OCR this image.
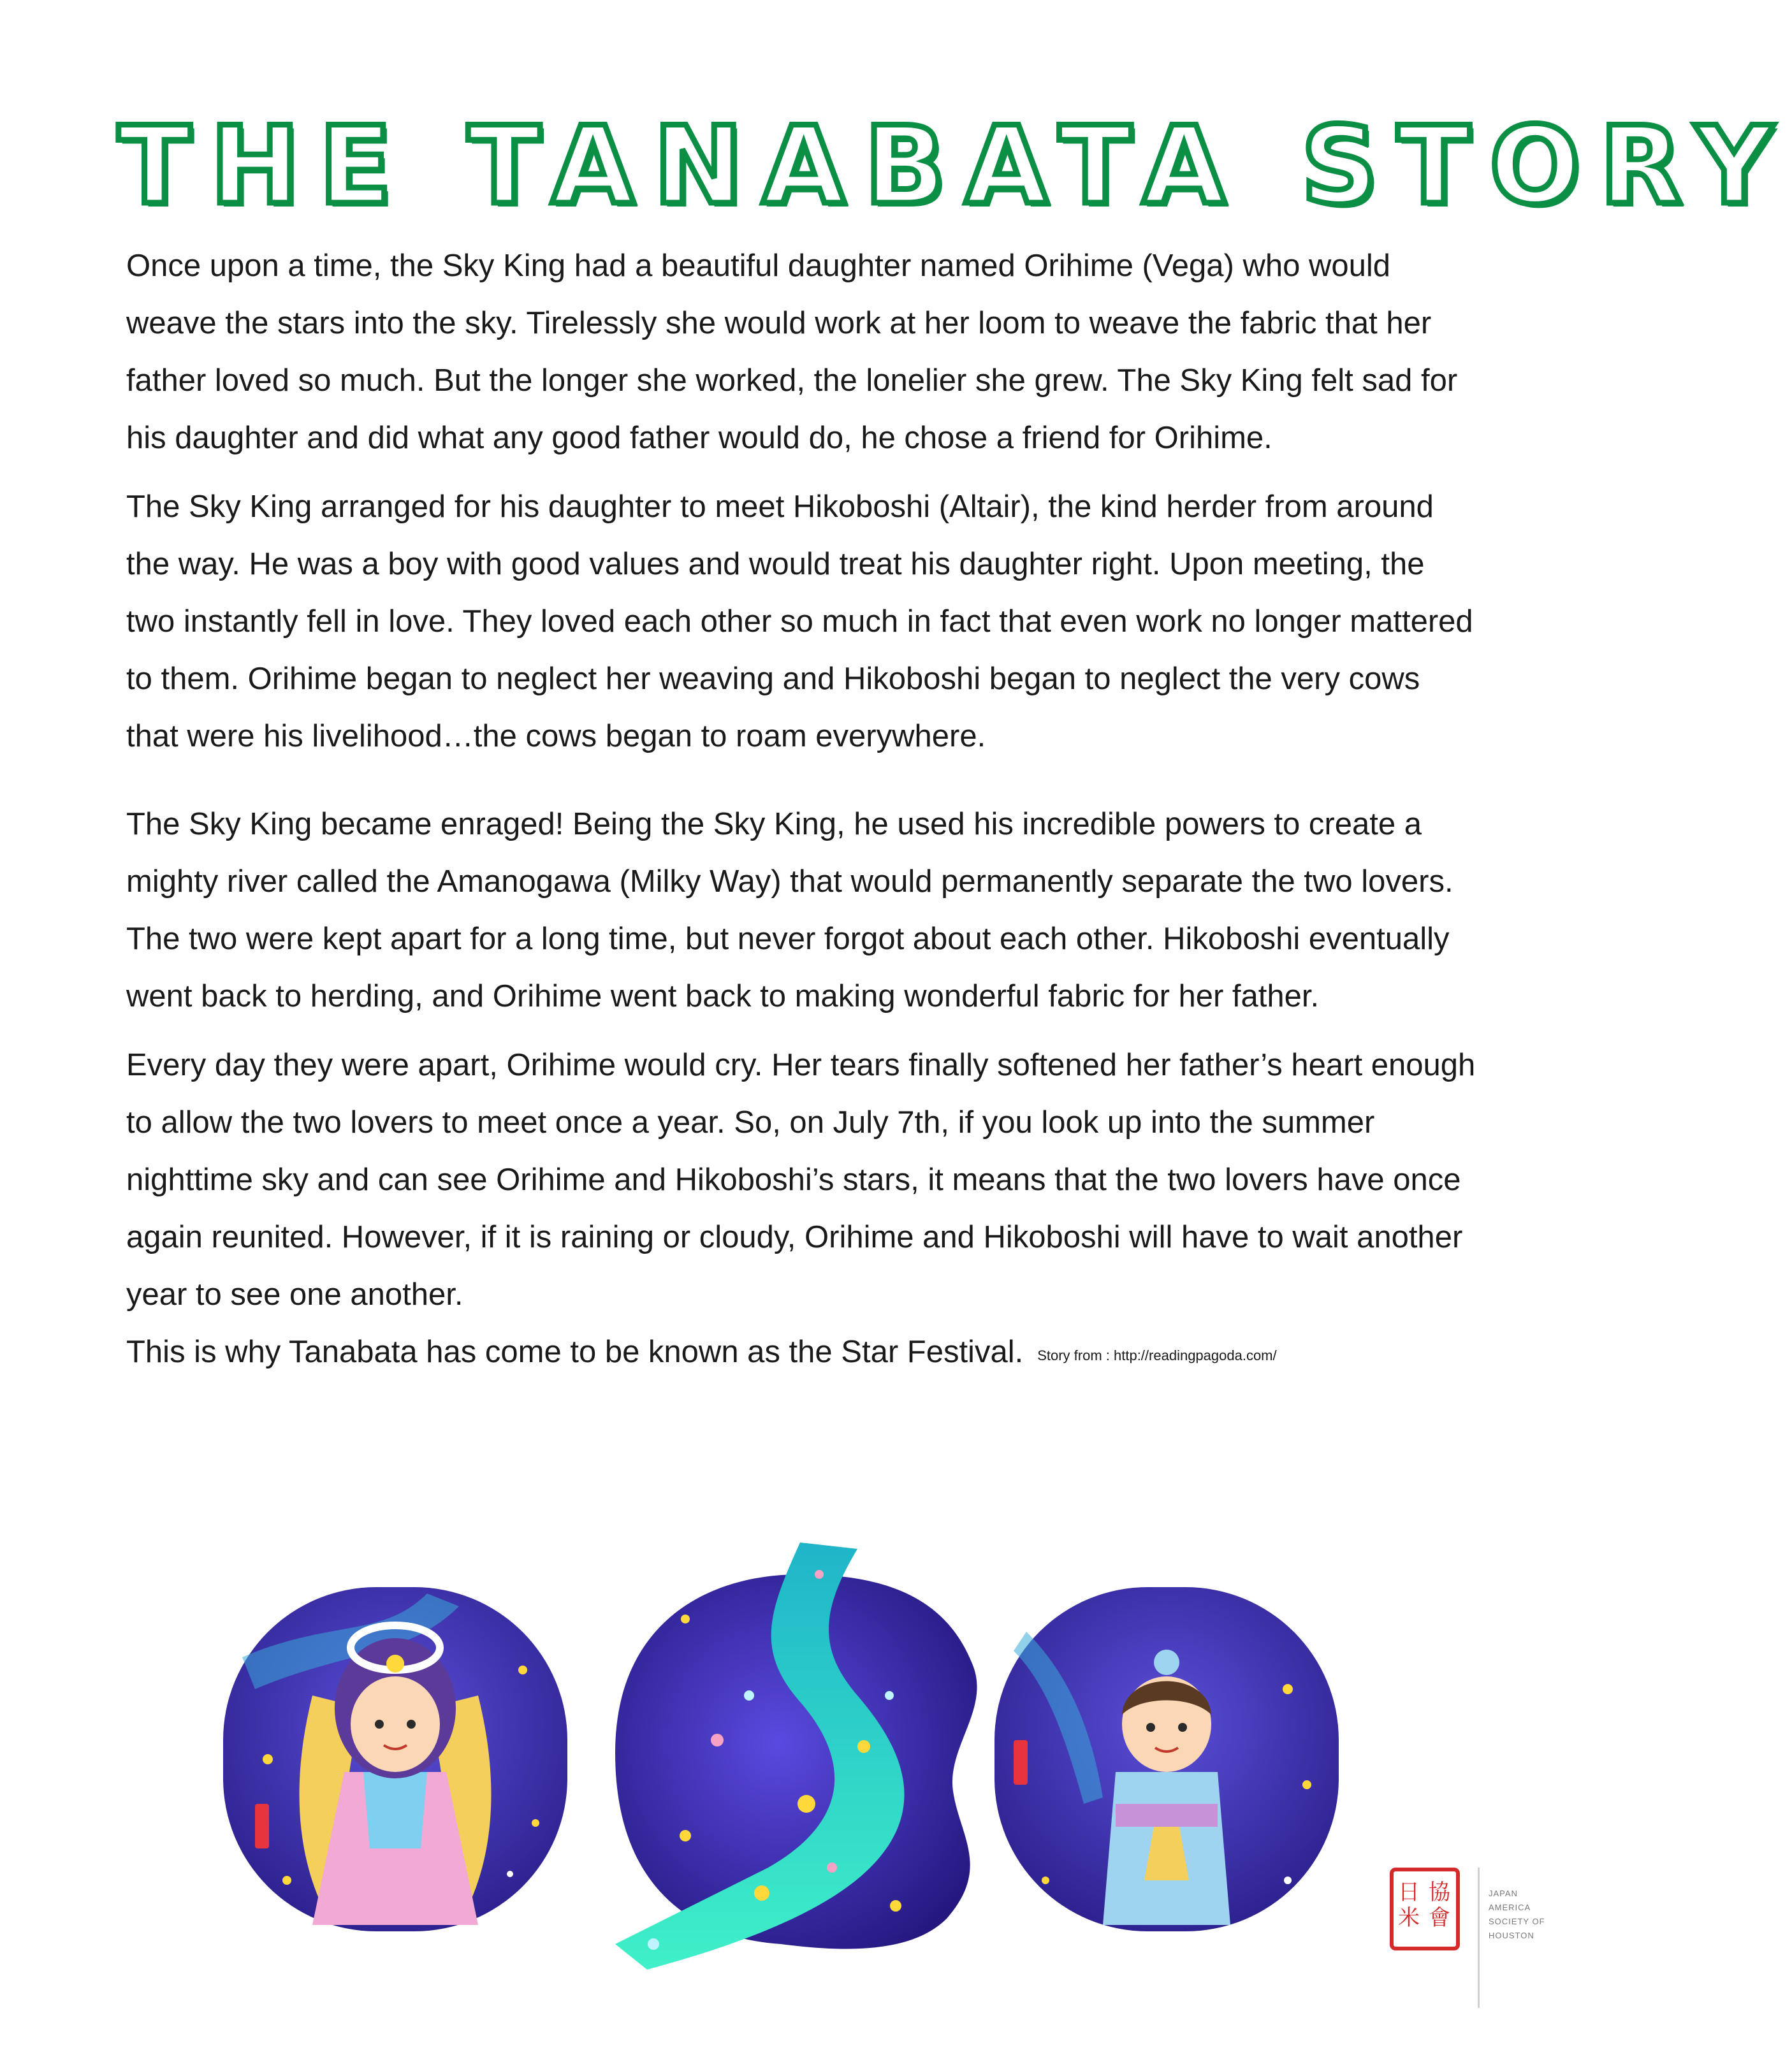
THE TANABATA STORY

Once upon a time, the Sky King had a beautiful daughter named Orihime (Vega) who would weave the stars into the sky. Tirelessly she would work at her loom to weave the fabric that her father loved so much. But the longer she worked, the lonelier she grew. The Sky King felt sad for his daughter and did what any good father would do, he chose a friend for Orihime.

The Sky King arranged for his daughter to meet Hikoboshi (Altair), the kind herder from around the way. He was a boy with good values and would treat his daughter right. Upon meeting, the two instantly fell in love. They loved each other so much in fact that even work no longer mattered to them. Orihime began to neglect her weaving and Hikoboshi began to neglect the very cows that were his livelihood…the cows began to roam everywhere.

The Sky King became enraged! Being the Sky King, he used his incredible powers to create a mighty river called the Amanogawa (Milky Way) that would permanently separate the two lovers. The two were kept apart for a long time, but never forgot about each other. Hikoboshi eventually went back to herding, and Orihime went back to making wonderful fabric for her father.

Every day they were apart, Orihime would cry. Her tears finally softened her father’s heart enough to allow the two lovers to meet once a year. So, on July 7th, if you look up into the summer nighttime sky and can see Orihime and Hikoboshi’s stars, it means that the two lovers have once again reunited. However, if it is raining or cloudy, Orihime and Hikoboshi will have to wait another year to see one another.

This is why Tanabata has come to be known as the Star Festival. Story from : http://readingpagoda.com/

日
米
協
會
JAPAN
AMERICA
SOCIETY OF
HOUSTON
